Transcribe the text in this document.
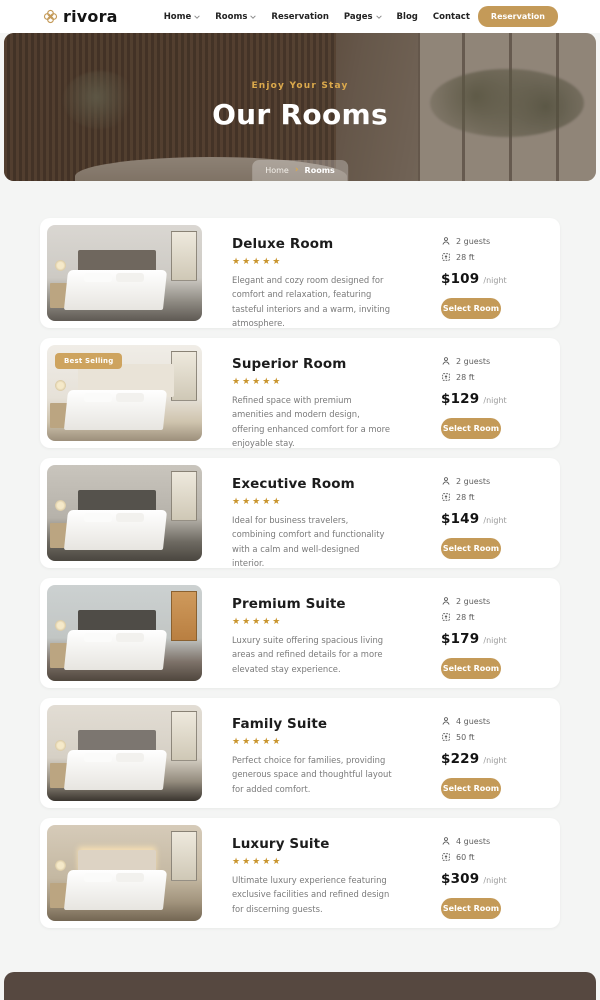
rivora	Home	Rooms	Reservation Pages	Blog Contact	Reservation
Enjoy Your Stay
Our Rooms
Home › Rooms
Deluxe Room
★★★★★
Elegant and cozy room designed for comfort and relaxation, featuring tasteful interiors and a warm, inviting atmosphere.
2 guests
28 ft
$109 /night
Select Room
Best Selling	Superior Room
★★★★★
Refined space with premium amenities and modern design, offering enhanced comfort for a more enjoyable stay.
2 guests
28 ft
$129 /night
Select Room
Executive Room
★★★★★
Ideal for business travelers, combining comfort and functionality with a calm and well-designed interior.
2 guests
28 ft
$149 /night
Select Room
Premium Suite
★★★★★
Luxury suite offering spacious living areas and refined details for a more elevated stay experience.
2 guests
28 ft
$179 /night
Select Room
Family Suite
★★★★★
Perfect choice for families, providing generous space and thoughtful layout for added comfort.
4 guests
50 ft
$229 /night
Select Room
Luxury Suite
★★★★★
Ultimate luxury experience featuring exclusive facilities and refined design for discerning guests.
4 guests
60 ft
$309 /night
Select Room
